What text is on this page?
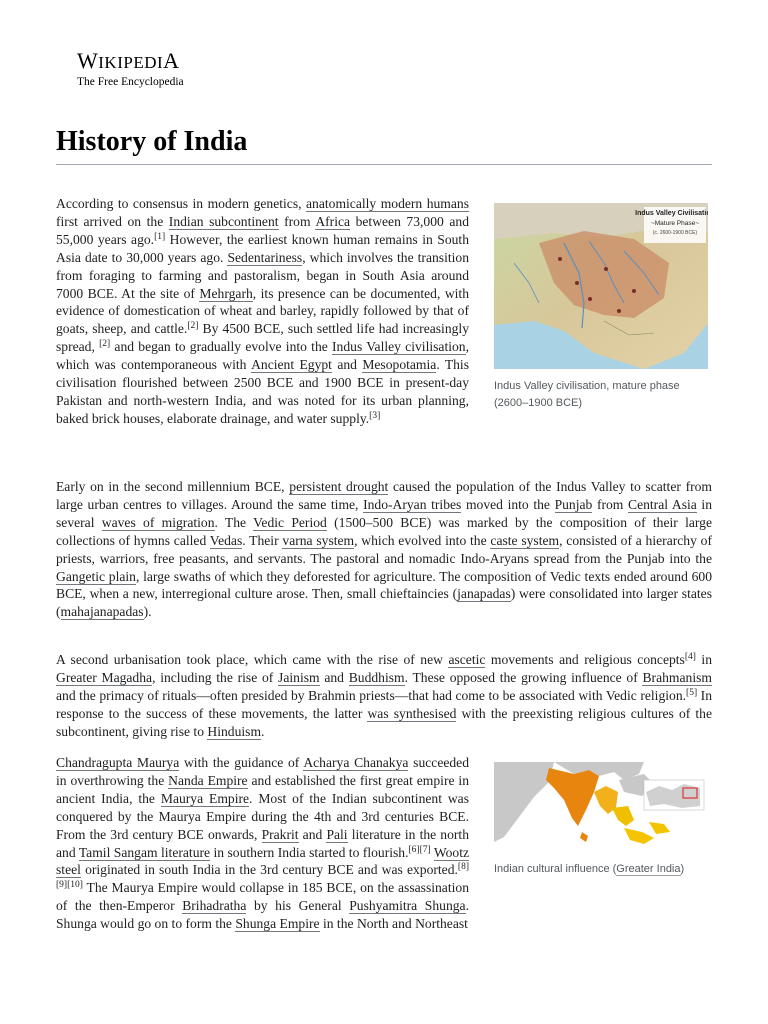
WIKIPEDIA
The Free Encyclopedia
History of India

According to consensus in modern genetics, anatomically modern humans first arrived on the Indian subcontinent from Africa between 73,000 and 55,000 years ago.[1] However, the earliest known human remains in South Asia date to 30,000 years ago. Sedentariness, which involves the transition from foraging to farming and pastoralism, began in South Asia around 7000 BCE. At the site of Mehrgarh, its presence can be documented, with evidence of domestication of wheat and barley, rapidly followed by that of goats, sheep, and cattle.[2] By 4500 BCE, such settled life had increasingly spread, [2] and began to gradually evolve into the Indus Valley civilisation, which was contemporaneous with Ancient Egypt and Mesopotamia. This civilisation flourished between 2500 BCE and 1900 BCE in present-day Pakistan and north-western India, and was noted for its urban planning, baked brick houses, elaborate drainage, and water supply.[3]

Indus Valley Civilisation
~Mature Phase~
(c. 2600-1900 BCE)
Indus Valley civilisation, mature phase (2600–1900 BCE)

Early on in the second millennium BCE, persistent drought caused the population of the Indus Valley to scatter from large urban centres to villages. Around the same time, Indo-Aryan tribes moved into the Punjab from Central Asia in several waves of migration. The Vedic Period (1500–500 BCE) was marked by the composition of their large collections of hymns called Vedas. Their varna system, which evolved into the caste system, consisted of a hierarchy of priests, warriors, free peasants, and servants. The pastoral and nomadic Indo-Aryans spread from the Punjab into the Gangetic plain, large swaths of which they deforested for agriculture. The composition of Vedic texts ended around 600 BCE, when a new, interregional culture arose. Then, small chieftaincies (janapadas) were consolidated into larger states (mahajanapadas).

A second urbanisation took place, which came with the rise of new ascetic movements and religious concepts[4] in Greater Magadha, including the rise of Jainism and Buddhism. These opposed the growing influence of Brahmanism and the primacy of rituals—often presided by Brahmin priests—that had come to be associated with Vedic religion.[5] In response to the success of these movements, the latter was synthesised with the preexisting religious cultures of the subcontinent, giving rise to Hinduism.

Chandragupta Maurya with the guidance of Acharya Chanakya succeeded in overthrowing the Nanda Empire and established the first great empire in ancient India, the Maurya Empire. Most of the Indian subcontinent was conquered by the Maurya Empire during the 4th and 3rd centuries BCE. From the 3rd century BCE onwards, Prakrit and Pali literature in the north and Tamil Sangam literature in southern India started to flourish.[6][7] Wootz steel originated in south India in the 3rd century BCE and was exported.[8][9][10] The Maurya Empire would collapse in 185 BCE, on the assassination of the then-Emperor Brihadratha by his General Pushyamitra Shunga. Shunga would go on to form the Shunga Empire in the North and Northeast

Indian cultural influence (Greater India)
